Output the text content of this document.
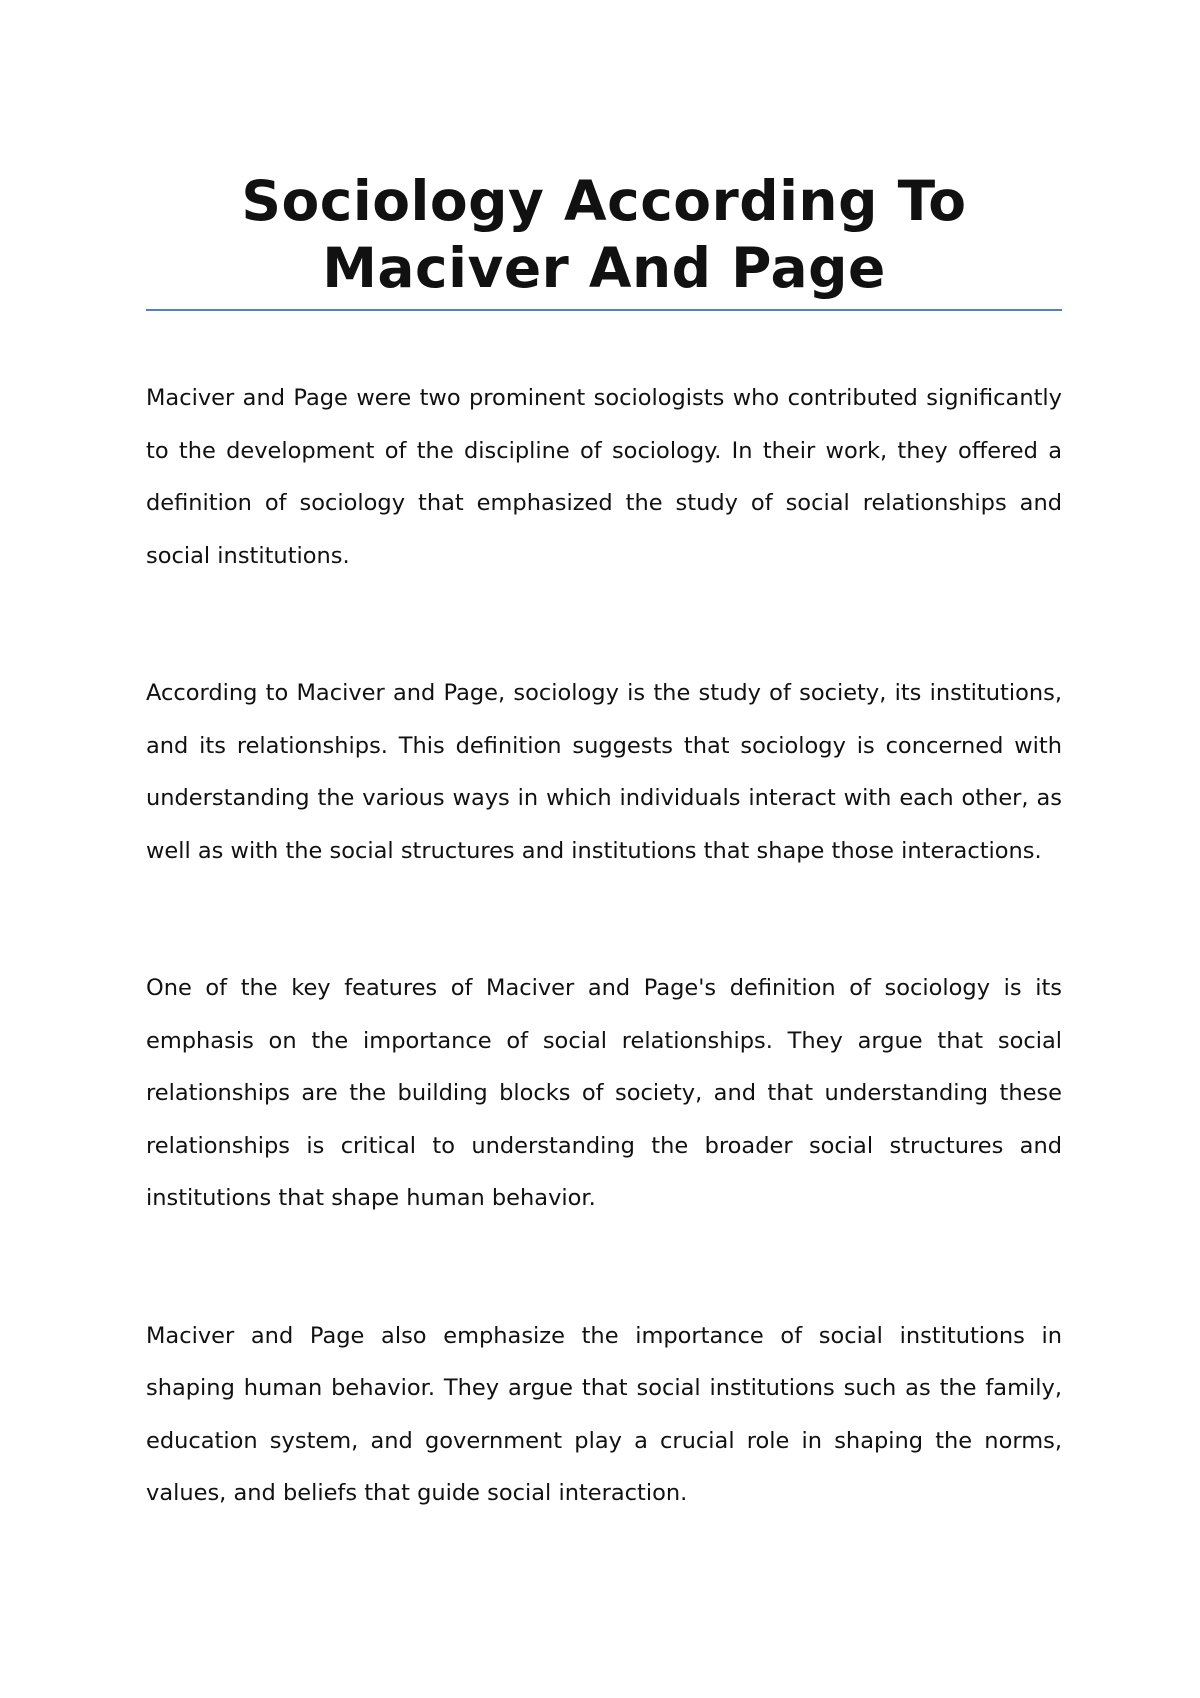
Sociology According To
Maciver And Page

Maciver and Page were two prominent sociologists who contributed significantly to the development of the discipline of sociology. In their work, they offered a definition of sociology that emphasized the study of social relationships and social institutions.

According to Maciver and Page, sociology is the study of society, its institutions, and its relationships. This definition suggests that sociology is concerned with understanding the various ways in which individuals interact with each other, as well as with the social structures and institutions that shape those interactions.

One of the key features of Maciver and Page's definition of sociology is its emphasis on the importance of social relationships. They argue that social relationships are the building blocks of society, and that understanding these relationships is critical to understanding the broader social structures and institutions that shape human behavior.

Maciver and Page also emphasize the importance of social institutions in shaping human behavior. They argue that social institutions such as the family, education system, and government play a crucial role in shaping the norms, values, and beliefs that guide social interaction.
